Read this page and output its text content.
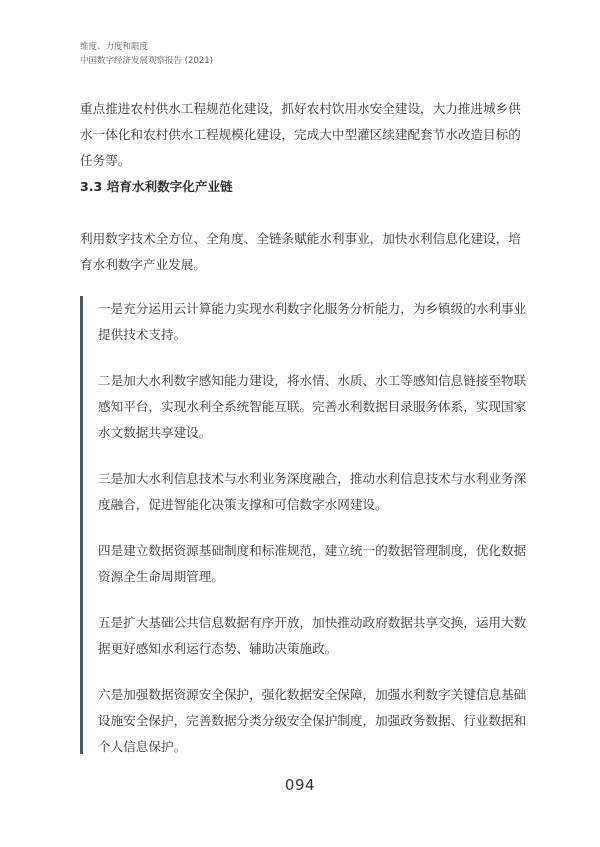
维度、力度和限度
中国数字经济发展观察报告 (2021)
重点推进农村供水工程规范化建设，抓好农村饮用水安全建设，大力推进城乡供水一体化和农村供水工程规模化建设，完成大中型灌区续建配套节水改造目标的任务等。
3.3 培育水利数字化产业链
利用数字技术全方位、全角度、全链条赋能水利事业，加快水利信息化建设，培育水利数字产业发展。
一是充分运用云计算能力实现水利数字化服务分析能力，为乡镇级的水利事业提供技术支持。
二是加大水利数字感知能力建设，将水情、水质、水工等感知信息链接至物联感知平台，实现水利全系统智能互联。完善水利数据目录服务体系，实现国家水文数据共享建设。
三是加大水利信息技术与水利业务深度融合，推动水利信息技术与水利业务深度融合，促进智能化决策支撑和可信数字水网建设。
四是建立数据资源基础制度和标准规范，建立统一的数据管理制度，优化数据资源全生命周期管理。
五是扩大基础公共信息数据有序开放，加快推动政府数据共享交换，运用大数据更好感知水利运行态势、辅助决策施政。
六是加强数据资源安全保护，强化数据安全保障，加强水利数字关键信息基础设施安全保护，完善数据分类分级安全保护制度，加强政务数据、行业数据和个人信息保护。
094
